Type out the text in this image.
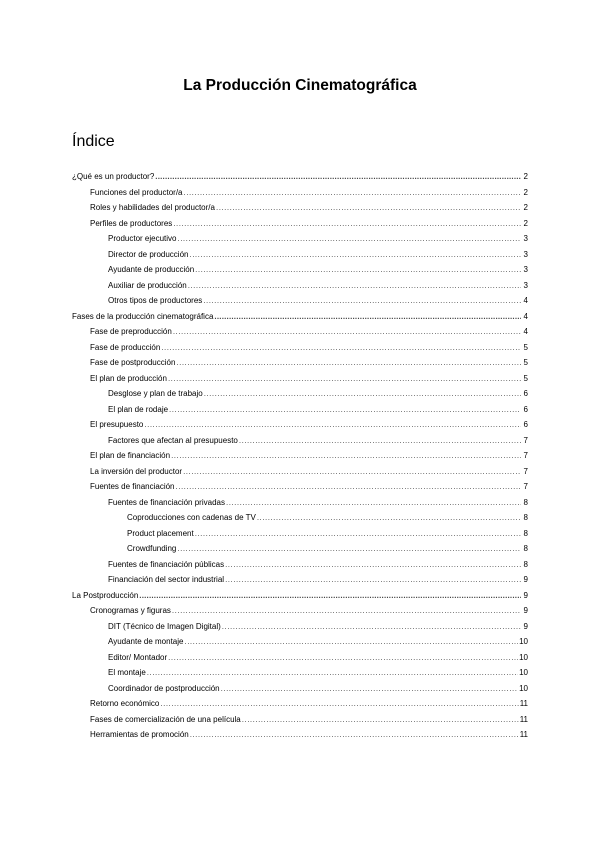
La Producción Cinematográfica
Índice
¿Qué es un productor? .....	2
Funciones del productor/a .....	2
Roles y habilidades del productor/a .....	2
Perfiles de productores .....	2
Productor ejecutivo .....	3
Director de producción .....	3
Ayudante de producción .....	3
Auxiliar de producción .....	3
Otros tipos de productores .....	4
Fases de la producción cinematográfica .....	4
Fase de preproducción .....	4
Fase de producción .....	5
Fase de postproducción .....	5
El plan de producción .....	5
Desglose y plan de trabajo .....	6
El plan de rodaje .....	6
El presupuesto .....	6
Factores que afectan al presupuesto .....	7
El plan de financiación .....	7
La inversión del productor .....	7
Fuentes de financiación .....	7
Fuentes de financiación privadas .....	8
Coproducciones con cadenas de TV .....	8
Product placement .....	8
Crowdfunding .....	8
Fuentes de financiación públicas .....	8
Financiación del sector industrial .....	9
La Postproducción .....	9
Cronogramas y figuras .....	9
DIT (Técnico de Imagen Digital) .....	9
Ayudante de montaje .....	10
Editor/ Montador .....	10
El montaje .....	10
Coordinador de postproducción .....	10
Retorno económico .....	11
Fases de comercialización de una película .....	11
Herramientas de promoción .....	11
